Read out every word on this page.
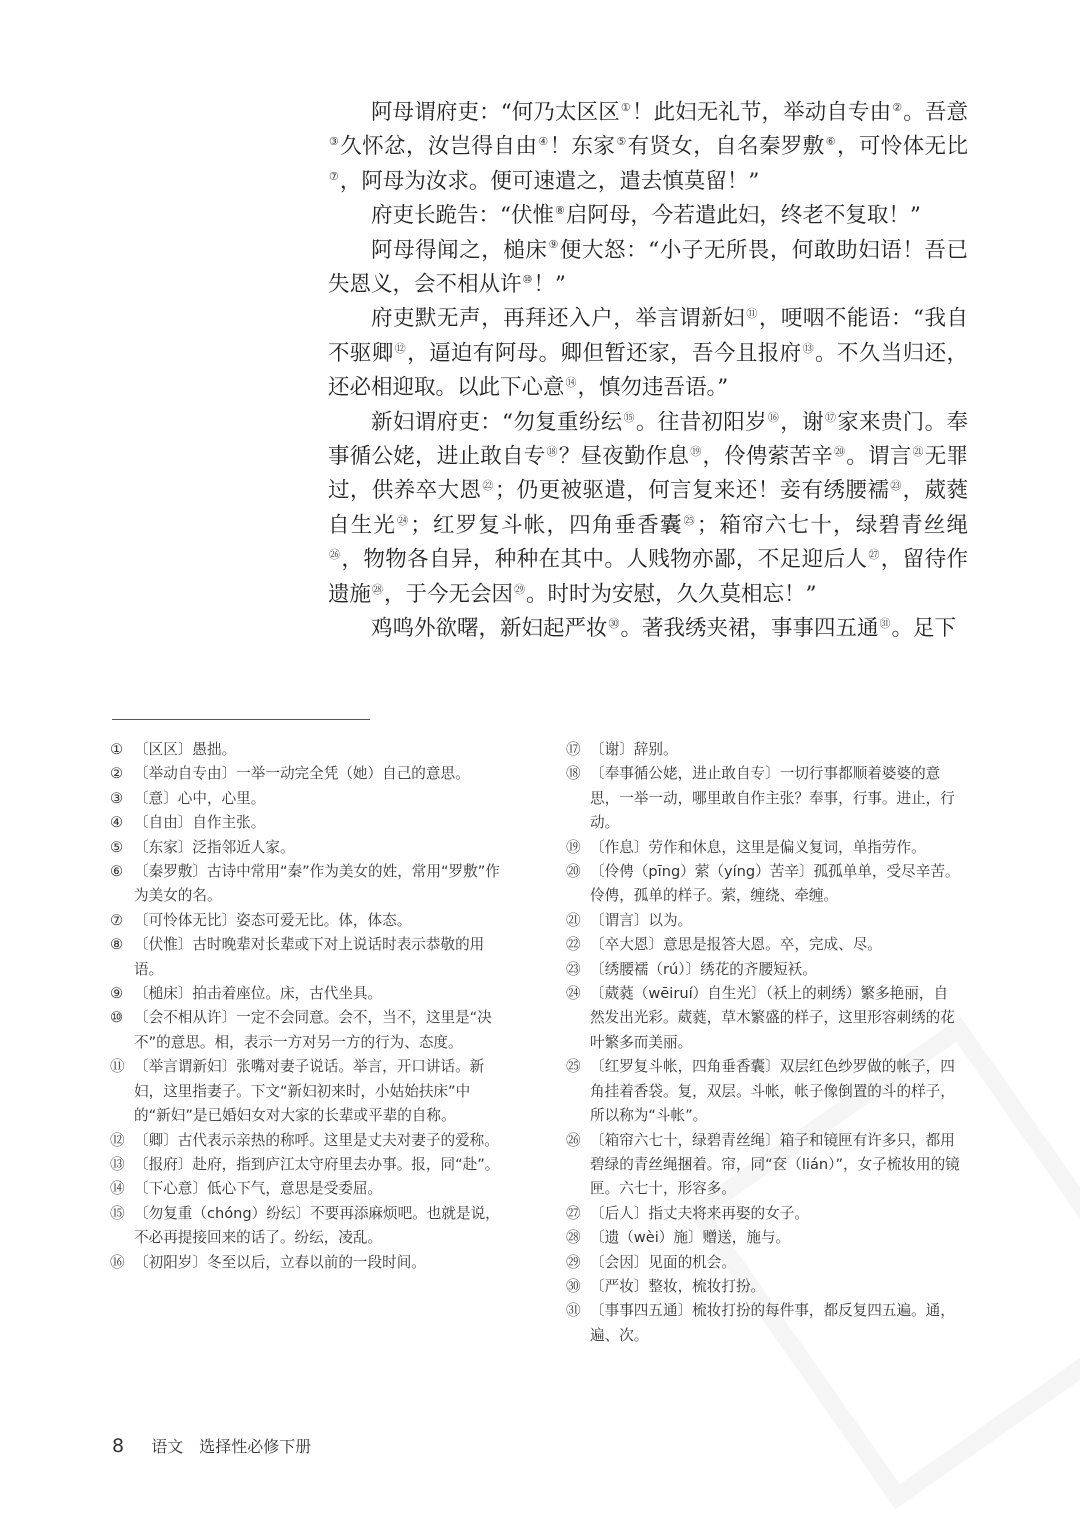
阿母谓府吏：“何乃太区区①！此妇无礼节，举动自专由②。吾意③久怀忿，汝岂得自由④！东家⑤有贤女，自名秦罗敷⑥，可怜体无比⑦，阿母为汝求。便可速遣之，遣去慎莫留！”

府吏长跪告：“伏惟⑧启阿母，今若遣此妇，终老不复取！”

阿母得闻之，槌床⑨便大怒：“小子无所畏，何敢助妇语！吾已失恩义，会不相从许⑩！”

府吏默无声，再拜还入户，举言谓新妇⑪，哽咽不能语：“我自不驱卿⑫，逼迫有阿母。卿但暂还家，吾今且报府⑬。不久当归还，还必相迎取。以此下心意⑭，慎勿违吾语。”

新妇谓府吏：“勿复重纷纭⑮。往昔初阳岁⑯，谢⑰家来贵门。奉事循公姥，进止敢自专⑱？昼夜勤作息⑲，伶俜萦苦辛⑳。谓言$^㉑$无罪过，供养卒大恩$^㉒$；仍更被驱遣，何言复来还！妾有绣腰襦$^㉓$，葳蕤自生光$^㉔$；红罗复斗帐，四角垂香囊$^㉕$；箱帘六七十，绿碧青丝绳$^㉖$，物物各自异，种种在其中。人贱物亦鄙，不足迎后人$^㉗$，留待作遗施$^㉘$，于今无会因$^㉙$。时时为安慰，久久莫相忘！”

鸡鸣外欲曙，新妇起严妆$^㉚$。著我绣夹裙，事事四五通$^㉛$。足下

① 〔区区〕愚拙。
② 〔举动自专由〕一举一动完全凭（她）自己的意思。
③ 〔意〕心中，心里。
④ 〔自由〕自作主张。
⑤ 〔东家〕泛指邻近人家。
⑥ 〔秦罗敷〕古诗中常用“秦”作为美女的姓，常用“罗敷”作为美女的名。
⑦ 〔可怜体无比〕姿态可爱无比。体，体态。
⑧ 〔伏惟〕古时晚辈对长辈或下对上说话时表示恭敬的用语。
⑨ 〔槌床〕拍击着座位。床，古代坐具。
⑩ 〔会不相从许〕一定不会同意。会不，当不，这里是“决不”的意思。相，表示一方对另一方的行为、态度。
⑪ 〔举言谓新妇〕张嘴对妻子说话。举言，开口讲话。新妇，这里指妻子。下文“新妇初来时，小姑始扶床”中的“新妇”是已婚妇女对大家的长辈或平辈的自称。
⑫ 〔卿〕古代表示亲热的称呼。这里是丈夫对妻子的爱称。
⑬ 〔报府〕赴府，指到庐江太守府里去办事。报，同“赴”。
⑭ 〔下心意〕低心下气，意思是受委屈。
⑮ 〔勿复重（chóng）纷纭〕不要再添麻烦吧。也就是说，不必再提接回来的话了。纷纭，凌乱。
⑯ 〔初阳岁〕冬至以后，立春以前的一段时间。
⑰ 〔谢〕辞别。
⑱ 〔奉事循公姥，进止敢自专〕一切行事都顺着婆婆的意思，一举一动，哪里敢自作主张？奉事，行事。进止，行动。
⑲ 〔作息〕劳作和休息，这里是偏义复词，单指劳作。
⑳ 〔伶俜（pīng）萦（yíng）苦辛〕孤孤单单，受尽辛苦。伶俜，孤单的样子。萦，缠绕、牵缠。
㉑ 〔谓言〕以为。
㉒ 〔卒大恩〕意思是报答大恩。卒，完成、尽。
㉓ 〔绣腰襦（rú）〕绣花的齐腰短袄。
㉔ 〔葳蕤（wēiruí）自生光〕（袄上的刺绣）繁多艳丽，自然发出光彩。葳蕤，草木繁盛的样子，这里形容刺绣的花叶繁多而美丽。
㉕ 〔红罗复斗帐，四角垂香囊〕双层红色纱罗做的帐子，四角挂着香袋。复，双层。斗帐，帐子像倒置的斗的样子，所以称为“斗帐”。
㉖ 〔箱帘六七十，绿碧青丝绳〕箱子和镜匣有许多只，都用碧绿的青丝绳捆着。帘，同“奁（lián）”，女子梳妆用的镜匣。六七十，形容多。
㉗ 〔后人〕指丈夫将来再娶的女子。
㉘ 〔遗（wèi）施〕赠送，施与。
㉙ 〔会因〕见面的机会。
㉚ 〔严妆〕整妆，梳妆打扮。
㉛ 〔事事四五通〕梳妆打扮的每件事，都反复四五遍。通，遍、次。
8 语文　选择性必修下册
